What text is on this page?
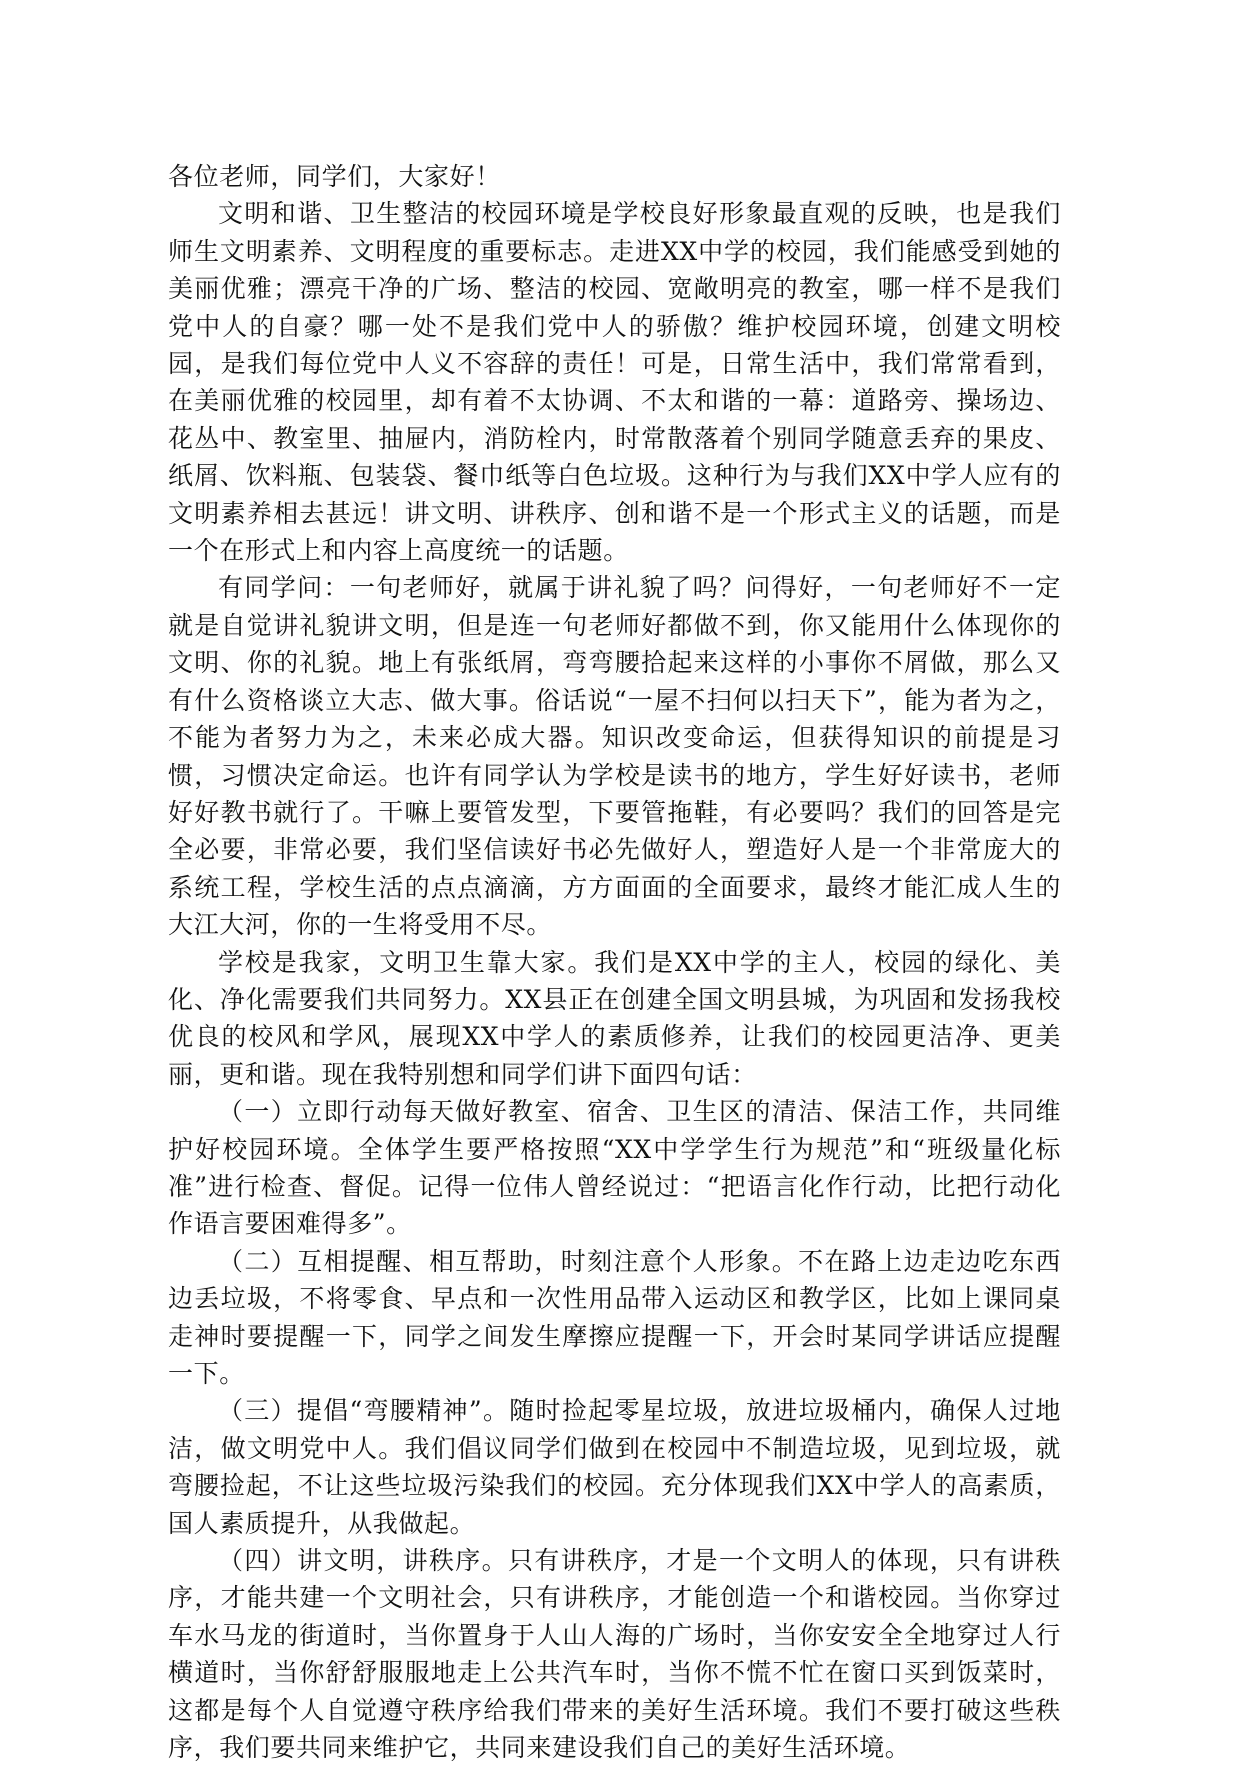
各位老师，同学们，大家好！

文明和谐、卫生整洁的校园环境是学校良好形象最直观的反映，也是我们师生文明素养、文明程度的重要标志。走进XX中学的校园，我们能感受到她的美丽优雅；漂亮干净的广场、整洁的校园、宽敞明亮的教室，哪一样不是我们党中人的自豪？哪一处不是我们党中人的骄傲？维护校园环境，创建文明校园，是我们每位党中人义不容辞的责任！可是，日常生活中，我们常常看到，在美丽优雅的校园里，却有着不太协调、不太和谐的一幕：道路旁、操场边、花丛中、教室里、抽屉内，消防栓内，时常散落着个别同学随意丢弃的果皮、纸屑、饮料瓶、包装袋、餐巾纸等白色垃圾。这种行为与我们XX中学人应有的文明素养相去甚远！讲文明、讲秩序、创和谐不是一个形式主义的话题，而是一个在形式上和内容上高度统一的话题。

有同学问：一句老师好，就属于讲礼貌了吗？问得好，一句老师好不一定就是自觉讲礼貌讲文明，但是连一句老师好都做不到，你又能用什么体现你的文明、你的礼貌。地上有张纸屑，弯弯腰拾起来这样的小事你不屑做，那么又有什么资格谈立大志、做大事。俗话说“一屋不扫何以扫天下”，能为者为之，不能为者努力为之，未来必成大器。知识改变命运，但获得知识的前提是习惯，习惯决定命运。也许有同学认为学校是读书的地方，学生好好读书，老师好好教书就行了。干嘛上要管发型，下要管拖鞋，有必要吗？我们的回答是完全必要，非常必要，我们坚信读好书必先做好人，塑造好人是一个非常庞大的系统工程，学校生活的点点滴滴，方方面面的全面要求，最终才能汇成人生的大江大河，你的一生将受用不尽。

学校是我家，文明卫生靠大家。我们是XX中学的主人，校园的绿化、美化、净化需要我们共同努力。XX县正在创建全国文明县城，为巩固和发扬我校优良的校风和学风，展现XX中学人的素质修养，让我们的校园更洁净、更美丽，更和谐。现在我特别想和同学们讲下面四句话：

（一）立即行动每天做好教室、宿舍、卫生区的清洁、保洁工作，共同维护好校园环境。全体学生要严格按照“XX中学学生行为规范”和“班级量化标准”进行检查、督促。记得一位伟人曾经说过：“把语言化作行动，比把行动化作语言要困难得多”。

（二）互相提醒、相互帮助，时刻注意个人形象。不在路上边走边吃东西边丢垃圾，不将零食、早点和一次性用品带入运动区和教学区，比如上课同桌走神时要提醒一下，同学之间发生摩擦应提醒一下，开会时某同学讲话应提醒一下。

（三）提倡“弯腰精神”。随时捡起零星垃圾，放进垃圾桶内，确保人过地洁，做文明党中人。我们倡议同学们做到在校园中不制造垃圾，见到垃圾，就弯腰捡起，不让这些垃圾污染我们的校园。充分体现我们XX中学人的高素质，国人素质提升，从我做起。

（四）讲文明，讲秩序。只有讲秩序，才是一个文明人的体现，只有讲秩序，才能共建一个文明社会，只有讲秩序，才能创造一个和谐校园。当你穿过车水马龙的街道时，当你置身于人山人海的广场时，当你安安全全地穿过人行横道时，当你舒舒服服地走上公共汽车时，当你不慌不忙在窗口买到饭菜时，这都是每个人自觉遵守秩序给我们带来的美好生活环境。我们不要打破这些秩序，我们要共同来维护它，共同来建设我们自己的美好生活环境。
